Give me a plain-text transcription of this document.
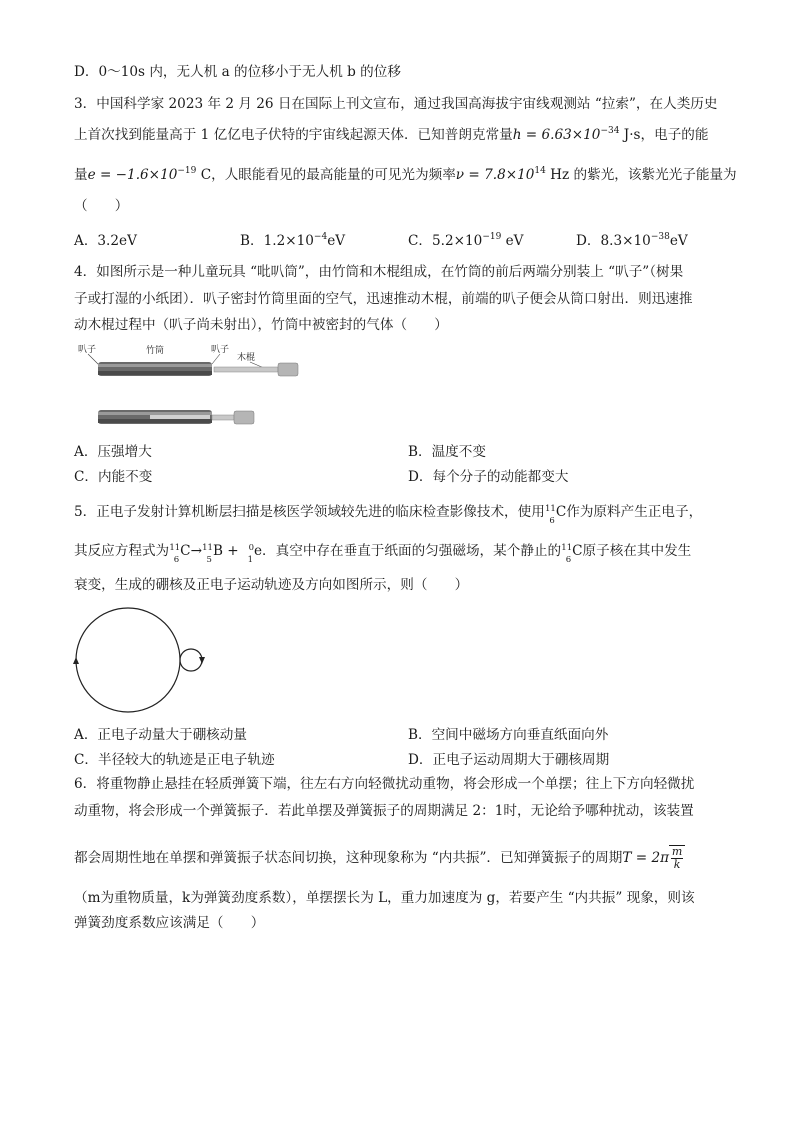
D．0～10s 内，无人机 a 的位移小于无人机 b 的位移
3．中国科学家 2023 年 2 月 26 日在国际上刊文宣布，通过我国高海拔宇宙线观测站 “拉索”，在人类历史
上首次找到能量高于 1 亿亿电子伏特的宇宙线起源天体．已知普朗克常量$h = 6.63\times 10^{-34}$ J·s，电子的能
量$e = -1.6\times 10^{-19}$ C，人眼能看见的最高能量的可见光为频率$\nu = 7.8\times 10^{14}$ Hz 的紫光，该紫光光子能量为
（　　）
A．3.2eV	B．$1.2\times 10^{-4}eV$	C．$5.2\times 10^{-19}$ eV	D．$8.3\times 10^{-38}eV$
4．如图所示是一种儿童玩具 “吡叭筒”，由竹筒和木棍组成，在竹筒的前后两端分别装上 “叭子”（树果
子或打湿的小纸团）．叭子密封竹筒里面的空气，迅速推动木棍，前端的叭子便会从筒口射出．则迅速推
动木棍过程中（叭子尚未射出），竹筒中被密封的气体（　　）
叭子	竹筒	叭子
木棍
A．压强增大	B．温度不变
C．内能不变	D．每个分子的动能都变大
5．正电子发射计算机断层扫描是核医学领域较先进的临床检查影像技术，使用 11
6
C作为原料产生正电子，
其反应方程式为 11
6
C→ 11
5
B + 0
1
e．真空中存在垂直于纸面的匀强磁场，某个静止的 11
6
C原子核在其中发生
衰变，生成的硼核及正电子运动轨迹及方向如图所示，则（　　）
A．正电子动量大于硼核动量	B．空间中磁场方向垂直纸面向外
C．半径较大的轨迹是正电子轨迹	D．正电子运动周期大于硼核周期
6．将重物静止悬挂在轻质弹簧下端，往左右方向轻微扰动重物，将会形成一个单摆；往上下方向轻微扰
动重物，将会形成一个弹簧振子．若此单摆及弹簧振子的周期满足 2：1时，无论给予哪种扰动，该装置
都会周期性地在单摆和弹簧振子状态间切换，这种现象称为 “内共振”．已知弹簧振子的周期$T = 2\pi \frac{m}{k}$
（m为重物质量，k为弹簧劲度系数），单摆摆长为 L，重力加速度为 g，若要产生 “内共振” 现象，则该
弹簧劲度系数应该满足（　　）
